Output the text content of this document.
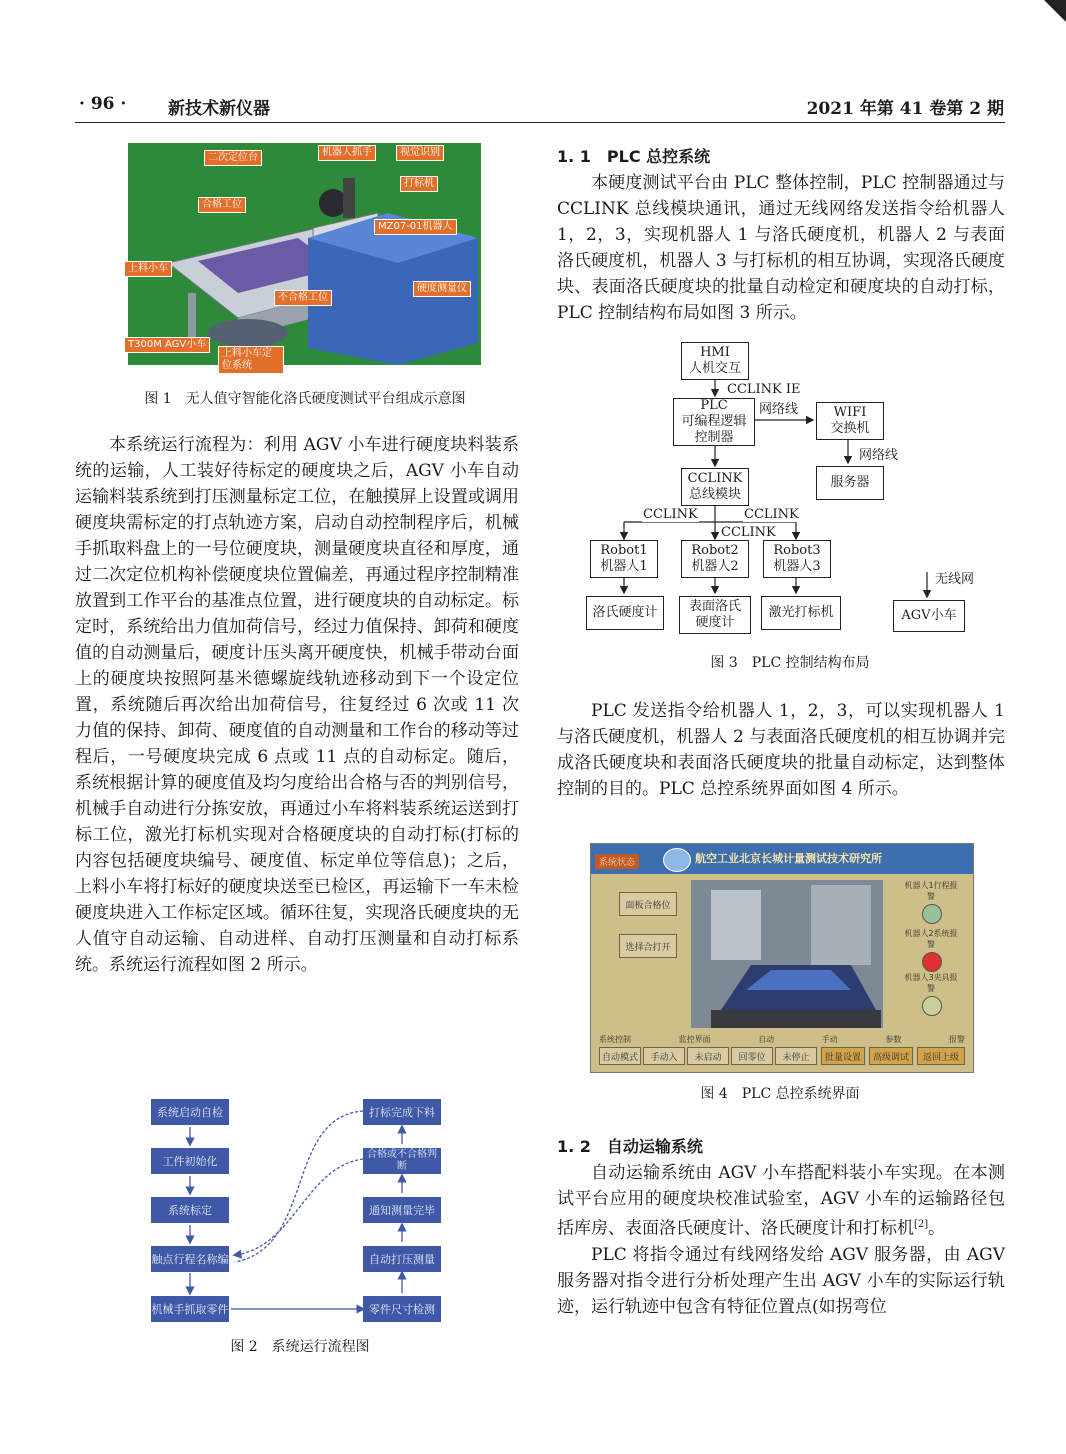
· 96 · 新技术新仪器	2021 年第 41 卷第 2 期
二次定位台	机器人抓手	视觉识别
打标机
合格工位
MZ07-01机器人
上料小车
不合格工位
硬度测量仪
T300M AGV小车
上料小车定位系统
图 1　无人值守智能化洛氏硬度测试平台组成示意图

本系统运行流程为：利用 AGV 小车进行硬度块料装系统的运输，人工装好待标定的硬度块之后，AGV 小车自动运输料装系统到打压测量标定工位，在触摸屏上设置或调用硬度块需标定的打点轨迹方案，启动自动控制程序后，机械手抓取料盘上的一号位硬度块，测量硬度块直径和厚度，通过二次定位机构补偿硬度块位置偏差，再通过程序控制精准放置到工作平台的基准点位置，进行硬度块的自动标定。标定时，系统给出力值加荷信号，经过力值保持、卸荷和硬度值的自动测量后，硬度计压头离开硬度快，机械手带动台面上的硬度块按照阿基米德螺旋线轨迹移动到下一个设定位置，系统随后再次给出加荷信号，往复经过 6 次或 11 次力值的保持、卸荷、硬度值的自动测量和工作台的移动等过程后，一号硬度块完成 6 点或 11 点的自动标定。随后，系统根据计算的硬度值及均匀度给出合格与否的判别信号，机械手自动进行分拣安放，再通过小车将料装系统运送到打标工位，激光打标机实现对合格硬度块的自动打标(打标的内容包括硬度块编号、硬度值、标定单位等信息)；之后，上料小车将打标好的硬度块送至已检区，再运输下一车未检硬度块进入工作标定区域。循环往复，实现洛氏硬度块的无人值守自动运输、自动进样、自动打压测量和自动打标系统。系统运行流程如图 2 所示。

系统启动自检
工件初始化
系统标定
触点行程名称编
机械手抓取零件
打标完成下料
合格或不合格判断
通知测量完毕
自动打压测量
零件尺寸检测
图 2　系统运行流程图
1. 1　PLC 总控系统

本硬度测试平台由 PLC 整体控制，PLC 控制器通过与 CCLINK 总线模块通讯，通过无线网络发送指令给机器人 1，2，3，实现机器人 1 与洛氏硬度机，机器人 2 与表面洛氏硬度机，机器人 3 与打标机的相互协调，实现洛氏硬度块、表面洛氏硬度块的批量自动检定和硬度块的自动打标，PLC 控制结构布局如图 3 所示。

HMI
人机交互
CCLINK IE
PLC
可编程逻辑
控制器
网络线	WIFI
交换机
网络线
服务器
CCLINK
总线模块
CCLINK
CCLINK
CCLINK
Robot1
机器人1
Robot2
机器人2
Robot3
机器人3
无线网
洛氏硬度计	表面洛氏
硬度计
激光打标机	AGV小车
图 3　PLC 控制结构布局

PLC 发送指令给机器人 1，2，3，可以实现机器人 1 与洛氏硬度机，机器人 2 与表面洛氏硬度机的相互协调并完成洛氏硬度块和表面洛氏硬度块的批量自动标定，达到整体控制的目的。PLC 总控系统界面如图 4 所示。

系统状态	航空工业北京长城计量测试技术研究所
面板合格位
选择合打开
机器人1行程报警
机器人2系统报警
机器人3夹具报警
系统控制	监控界面	自动	手动	参数	报警
自动模式	手动入	未启动	回零位	未停止	批量设置	高级调试	返回上级
图 4　PLC 总控系统界面
1. 2　自动运输系统

自动运输系统由 AGV 小车搭配料装小车实现。在本测试平台应用的硬度块校准试验室，AGV 小车的运输路径包括库房、表面洛氏硬度计、洛氏硬度计和打标机[2]。

PLC 将指令通过有线网络发给 AGV 服务器，由 AGV 服务器对指令进行分析处理产生出 AGV 小车的实际运行轨迹，运行轨迹中包含有特征位置点(如拐弯位
